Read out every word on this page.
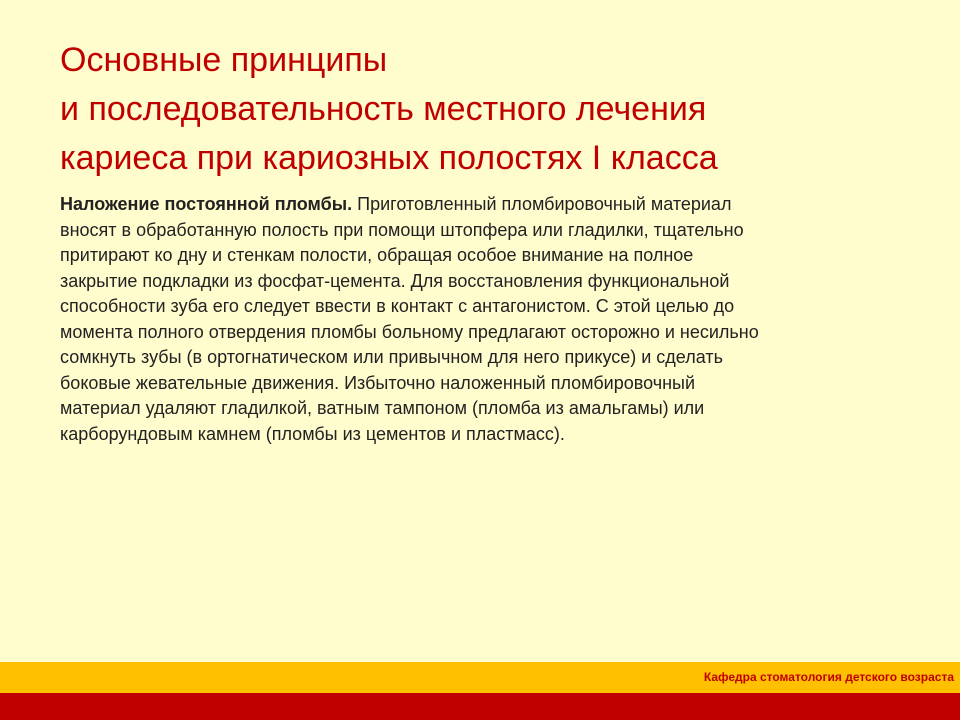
Основные принципы
и последовательность местного лечения
кариеса при кариозных полостях I класса
Наложение постоянной пломбы. Приготовленный пломбировочный материал
вносят в обработанную полость при помощи штопфера или гладилки, тщательно
притирают ко дну и стенкам полости, обращая особое внимание на полное
закрытие подкладки из фосфат-цемента. Для восстановления функциональной
способности зуба его следует ввести в контакт с антагонистом. С этой целью до
момента полного отвердения пломбы больному предлагают осторожно и несильно
сомкнуть зубы (в ортогнатическом или привычном для него прикусе) и сделать
боковые жевательные движения. Избыточно наложенный пломбировочный
материал удаляют гладилкой, ватным тампоном (пломба из амальгамы) или
карборундовым камнем (пломбы из цементов и пластмасс).
Кафедра стоматология детского возраста
